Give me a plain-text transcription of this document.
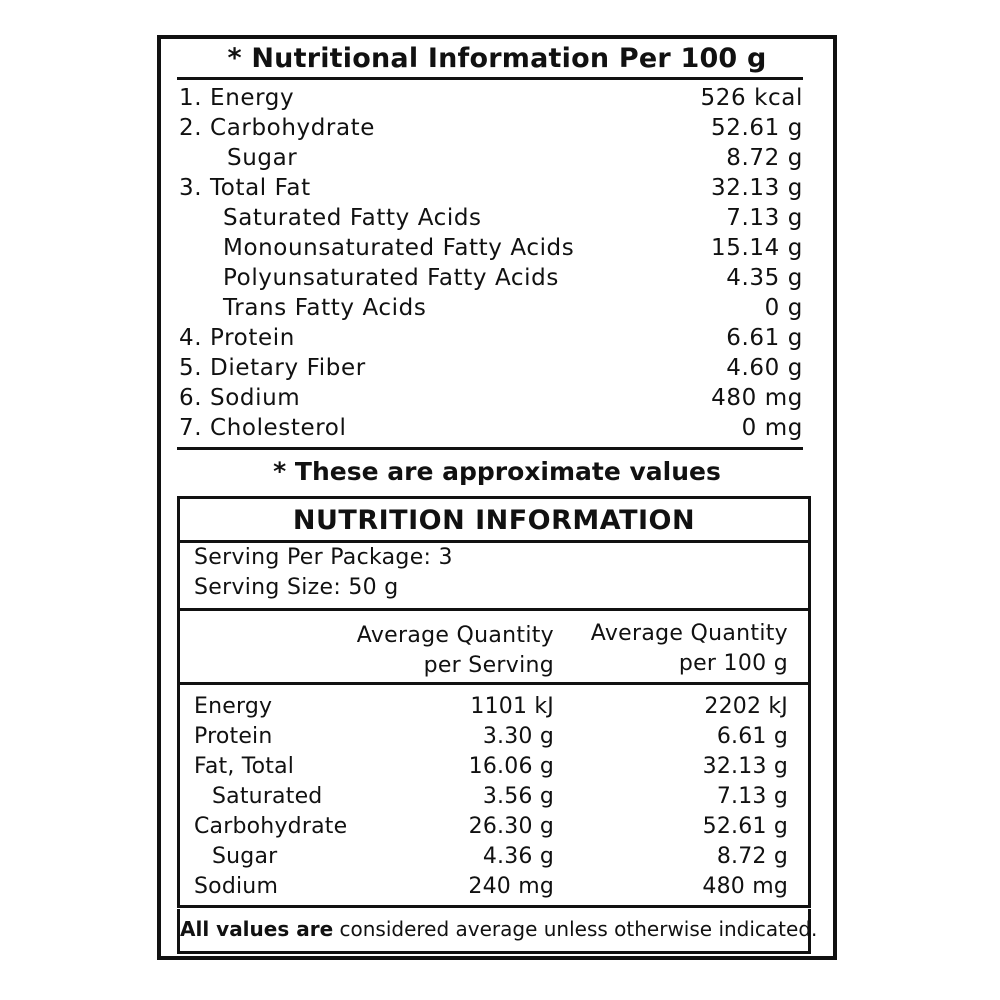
* Nutritional Information Per 100 g
1. Energy	526 kcal
2. Carbohydrate	52.61 g
Sugar	8.72 g
3. Total Fat	32.13 g
Saturated Fatty Acids	7.13 g
Monounsaturated Fatty Acids	15.14 g
Polyunsaturated Fatty Acids	4.35 g
Trans Fatty Acids	0 g
4. Protein	6.61 g
5. Dietary Fiber	4.60 g
6. Sodium	480 mg
7. Cholesterol	0 mg
* These are approximate values
NUTRITION INFORMATION
Serving Per Package: 3
Serving Size: 50 g
Average Quantity
per Serving
Average Quantity
per 100 g
Energy	1101 kJ	2202 kJ
Protein	3.30 g	6.61 g
Fat, Total	16.06 g	32.13 g
Saturated	3.56 g	7.13 g
Carbohydrate	26.30 g	52.61 g
Sugar	4.36 g	8.72 g
Sodium	240 mg	480 mg
All values are considered average unless otherwise indicated.
